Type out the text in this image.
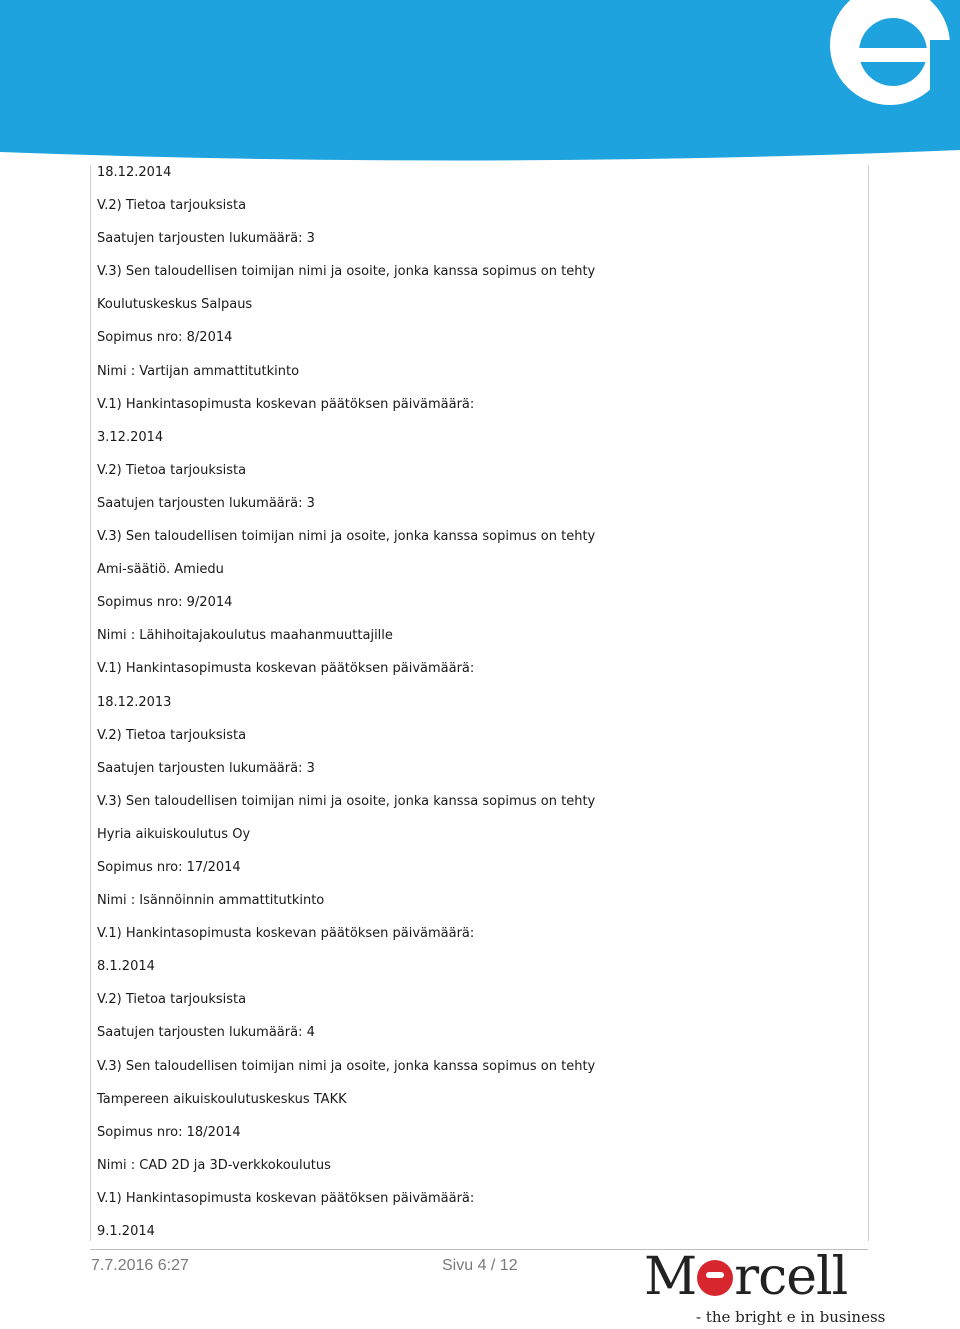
18.12.2014
V.2) Tietoa tarjouksista
Saatujen tarjousten lukumäärä: 3
V.3) Sen taloudellisen toimijan nimi ja osoite, jonka kanssa sopimus on tehty
Koulutuskeskus Salpaus
Sopimus nro: 8/2014
Nimi : Vartijan ammattitutkinto
V.1) Hankintasopimusta koskevan päätöksen päivämäärä:
3.12.2014
V.2) Tietoa tarjouksista
Saatujen tarjousten lukumäärä: 3
V.3) Sen taloudellisen toimijan nimi ja osoite, jonka kanssa sopimus on tehty
Ami-säätiö. Amiedu
Sopimus nro: 9/2014
Nimi : Lähihoitajakoulutus maahanmuuttajille
V.1) Hankintasopimusta koskevan päätöksen päivämäärä:
18.12.2013
V.2) Tietoa tarjouksista
Saatujen tarjousten lukumäärä: 3
V.3) Sen taloudellisen toimijan nimi ja osoite, jonka kanssa sopimus on tehty
Hyria aikuiskoulutus Oy
Sopimus nro: 17/2014
Nimi : Isännöinnin ammattitutkinto
V.1) Hankintasopimusta koskevan päätöksen päivämäärä:
8.1.2014
V.2) Tietoa tarjouksista
Saatujen tarjousten lukumäärä: 4
V.3) Sen taloudellisen toimijan nimi ja osoite, jonka kanssa sopimus on tehty
Tampereen aikuiskoulutuskeskus TAKK
Sopimus nro: 18/2014
Nimi : CAD 2D ja 3D-verkkokoulutus
V.1) Hankintasopimusta koskevan päätöksen päivämäärä:
9.1.2014
7.7.2016 6:27	Sivu 4 / 12 M rcell
- the bright e in business
